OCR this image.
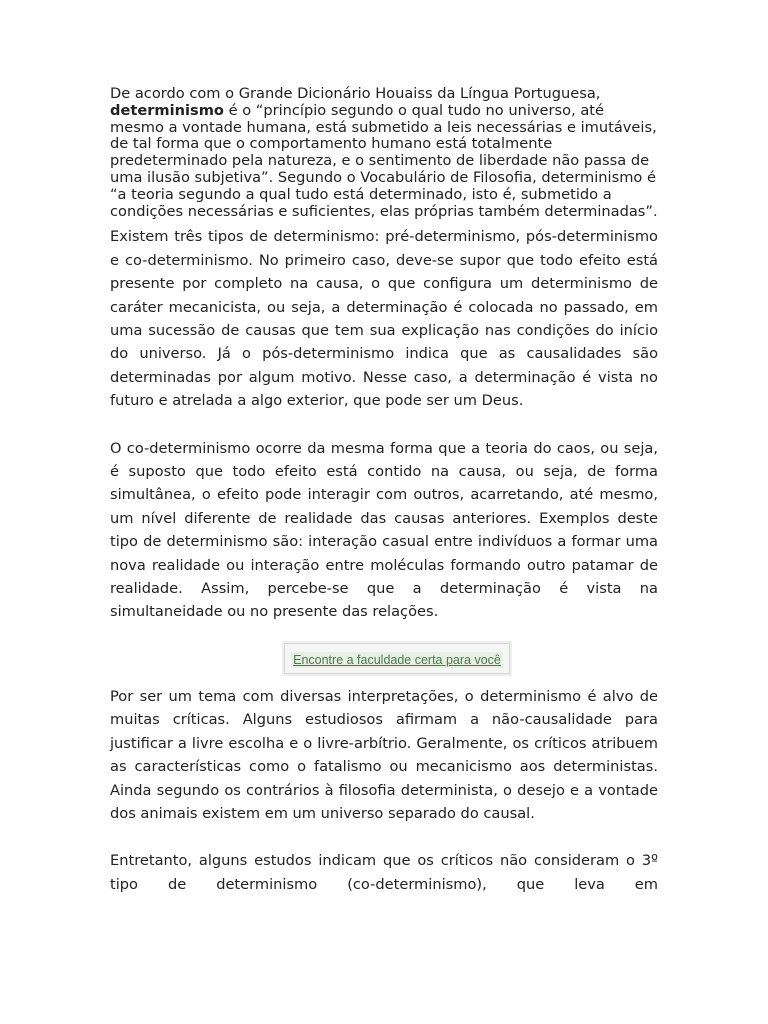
De acordo com o Grande Dicionário Houaiss da Língua Portuguesa, determinismo é o “princípio segundo o qual tudo no universo, até mesmo a vontade humana, está submetido a leis necessárias e imutáveis, de tal forma que o comportamento humano está totalmente predeterminado pela natureza, e o sentimento de liberdade não passa de uma ilusão subjetiva”. Segundo o Vocabulário de Filosofia, determinismo é “a teoria segundo a qual tudo está determinado, isto é, submetido a condições necessárias e suficientes, elas próprias também determinadas”.

Existem três tipos de determinismo: pré-determinismo, pós-determinismo e co-determinismo. No primeiro caso, deve-se supor que todo efeito está presente por completo na causa, o que configura um determinismo de caráter mecanicista, ou seja, a determinação é colocada no passado, em uma sucessão de causas que tem sua explicação nas condições do início do universo. Já o pós-determinismo indica que as causalidades são determinadas por algum motivo. Nesse caso, a determinação é vista no futuro e atrelada a algo exterior, que pode ser um Deus.

O co-determinismo ocorre da mesma forma que a teoria do caos, ou seja, é suposto que todo efeito está contido na causa, ou seja, de forma simultânea, o efeito pode interagir com outros, acarretando, até mesmo, um nível diferente de realidade das causas anteriores. Exemplos deste tipo de determinismo são: interação casual entre indivíduos a formar uma nova realidade ou interação entre moléculas formando outro patamar de realidade. Assim, percebe-se que a determinação é vista na simultaneidade ou no presente das relações.

Encontre a faculdade certa para você

Por ser um tema com diversas interpretações, o determinismo é alvo de muitas críticas. Alguns estudiosos afirmam a não-causalidade para justificar a livre escolha e o livre-arbítrio. Geralmente, os críticos atribuem as características como o fatalismo ou mecanicismo aos deterministas. Ainda segundo os contrários à filosofia determinista, o desejo e a vontade dos animais existem em um universo separado do causal.

Entretanto, alguns estudos indicam que os críticos não consideram o 3º tipo de determinismo (co-determinismo), que leva em
